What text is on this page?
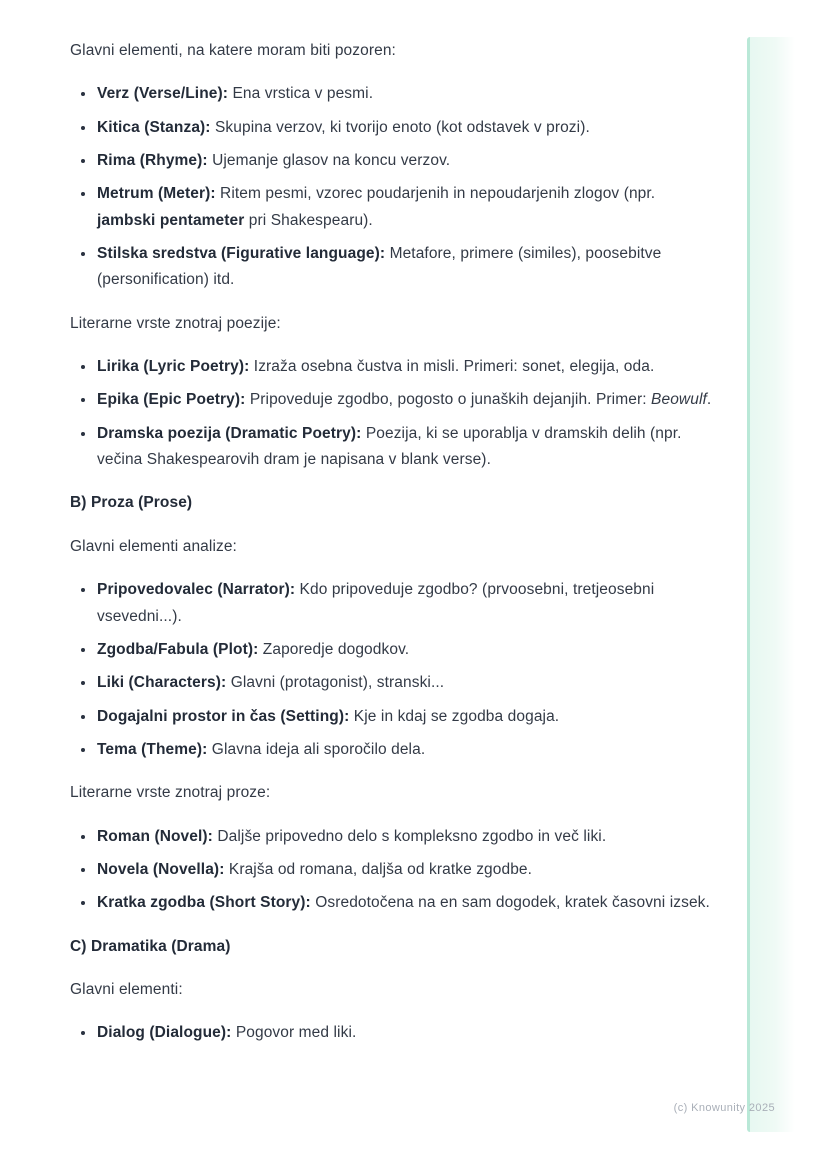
Glavni elementi, na katere moram biti pozoren:

• Verz (Verse/Line): Ena vrstica v pesmi.
• Kitica (Stanza): Skupina verzov, ki tvorijo enoto (kot odstavek v prozi).
• Rima (Rhyme): Ujemanje glasov na koncu verzov.
• Metrum (Meter): Ritem pesmi, vzorec poudarjenih in nepoudarjenih zlogov (npr. jambski pentameter pri Shakespearu).
• Stilska sredstva (Figurative language): Metafore, primere (similes), poosebitve (personification) itd.

Literarne vrste znotraj poezije:

• Lirika (Lyric Poetry): Izraža osebna čustva in misli. Primeri: sonet, elegija, oda.
• Epika (Epic Poetry): Pripoveduje zgodbo, pogosto o junaških dejanjih. Primer: Beowulf.
• Dramska poezija (Dramatic Poetry): Poezija, ki se uporablja v dramskih delih (npr. večina Shakespearovih dram je napisana v blank verse).

B) Proza (Prose)

Glavni elementi analize:

• Pripovedovalec (Narrator): Kdo pripoveduje zgodbo? (prvoosebni, tretjeosebni vsevedni...).
• Zgodba/Fabula (Plot): Zaporedje dogodkov.
• Liki (Characters): Glavni (protagonist), stranski...
• Dogajalni prostor in čas (Setting): Kje in kdaj se zgodba dogaja.
• Tema (Theme): Glavna ideja ali sporočilo dela.

Literarne vrste znotraj proze:

• Roman (Novel): Daljše pripovedno delo s kompleksno zgodbo in več liki.
• Novela (Novella): Krajša od romana, daljša od kratke zgodbe.
• Kratka zgodba (Short Story): Osredotočena na en sam dogodek, kratek časovni izsek.

C) Dramatika (Drama)

Glavni elementi:

• Dialog (Dialogue): Pogovor med liki.
(c) Knowunity 2025
